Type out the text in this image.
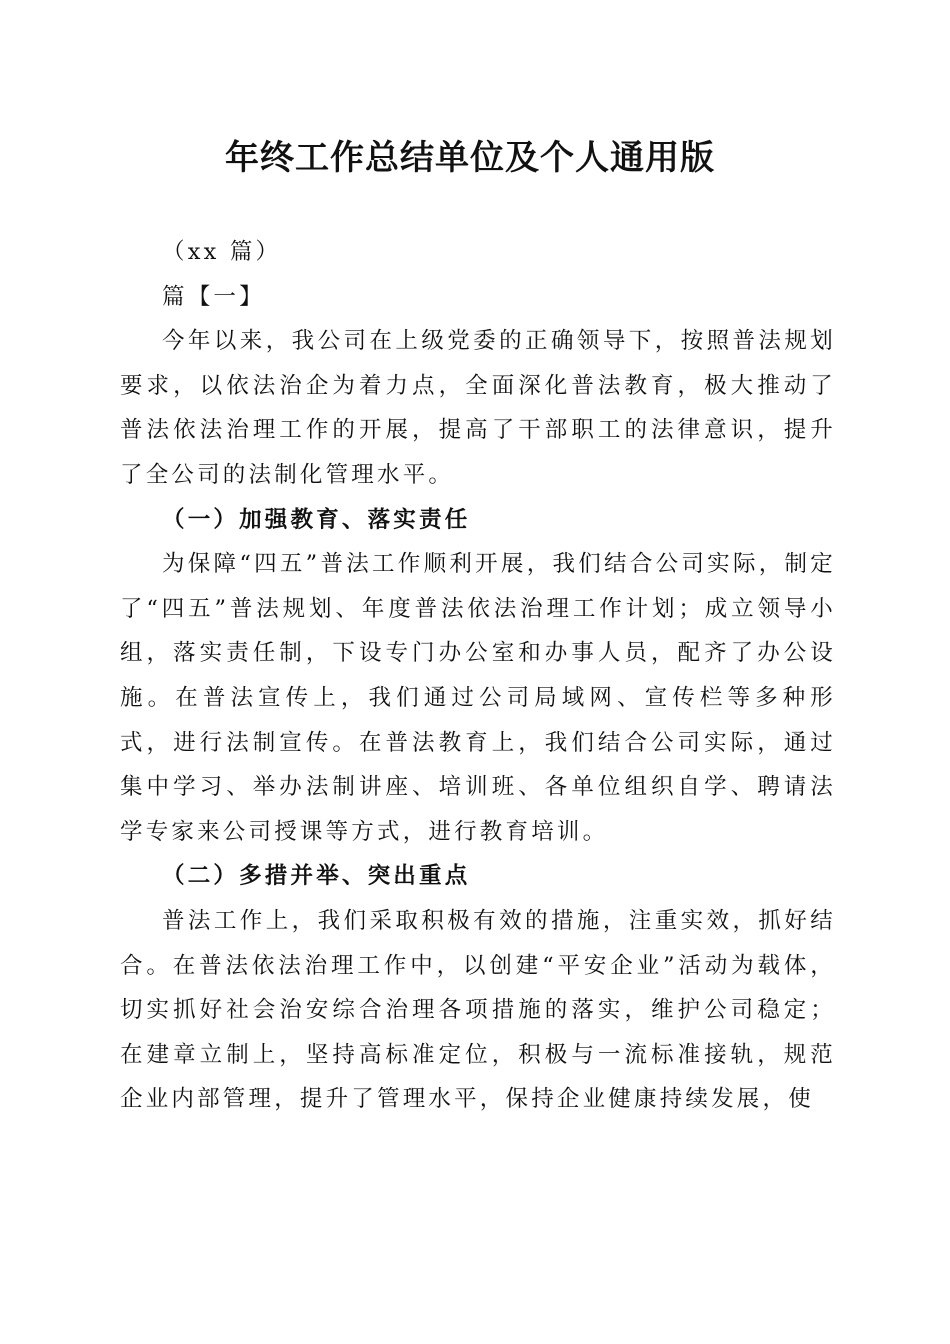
年终工作总结单位及个人通用版

（xx 篇）

篇【一】

今年以来，我公司在上级党委的正确领导下，按照普法规划要求，以依法治企为着力点，全面深化普法教育，极大推动了普法依法治理工作的开展，提高了干部职工的法律意识，提升了全公司的法制化管理水平。

（一）加强教育、落实责任

为保障“四五”普法工作顺利开展，我们结合公司实际，制定了“四五”普法规划、年度普法依法治理工作计划；成立领导小组，落实责任制，下设专门办公室和办事人员，配齐了办公设施。在普法宣传上，我们通过公司局域网、宣传栏等多种形式，进行法制宣传。在普法教育上，我们结合公司实际，通过集中学习、举办法制讲座、培训班、各单位组织自学、聘请法学专家来公司授课等方式，进行教育培训。

（二）多措并举、突出重点

普法工作上，我们采取积极有效的措施，注重实效，抓好结合。在普法依法治理工作中，以创建“平安企业”活动为载体，切实抓好社会治安综合治理各项措施的落实，维护公司稳定；在建章立制上，坚持高标准定位，积极与一流标准接轨，规范企业内部管理，提升了管理水平，保持企业健康持续发展，使
